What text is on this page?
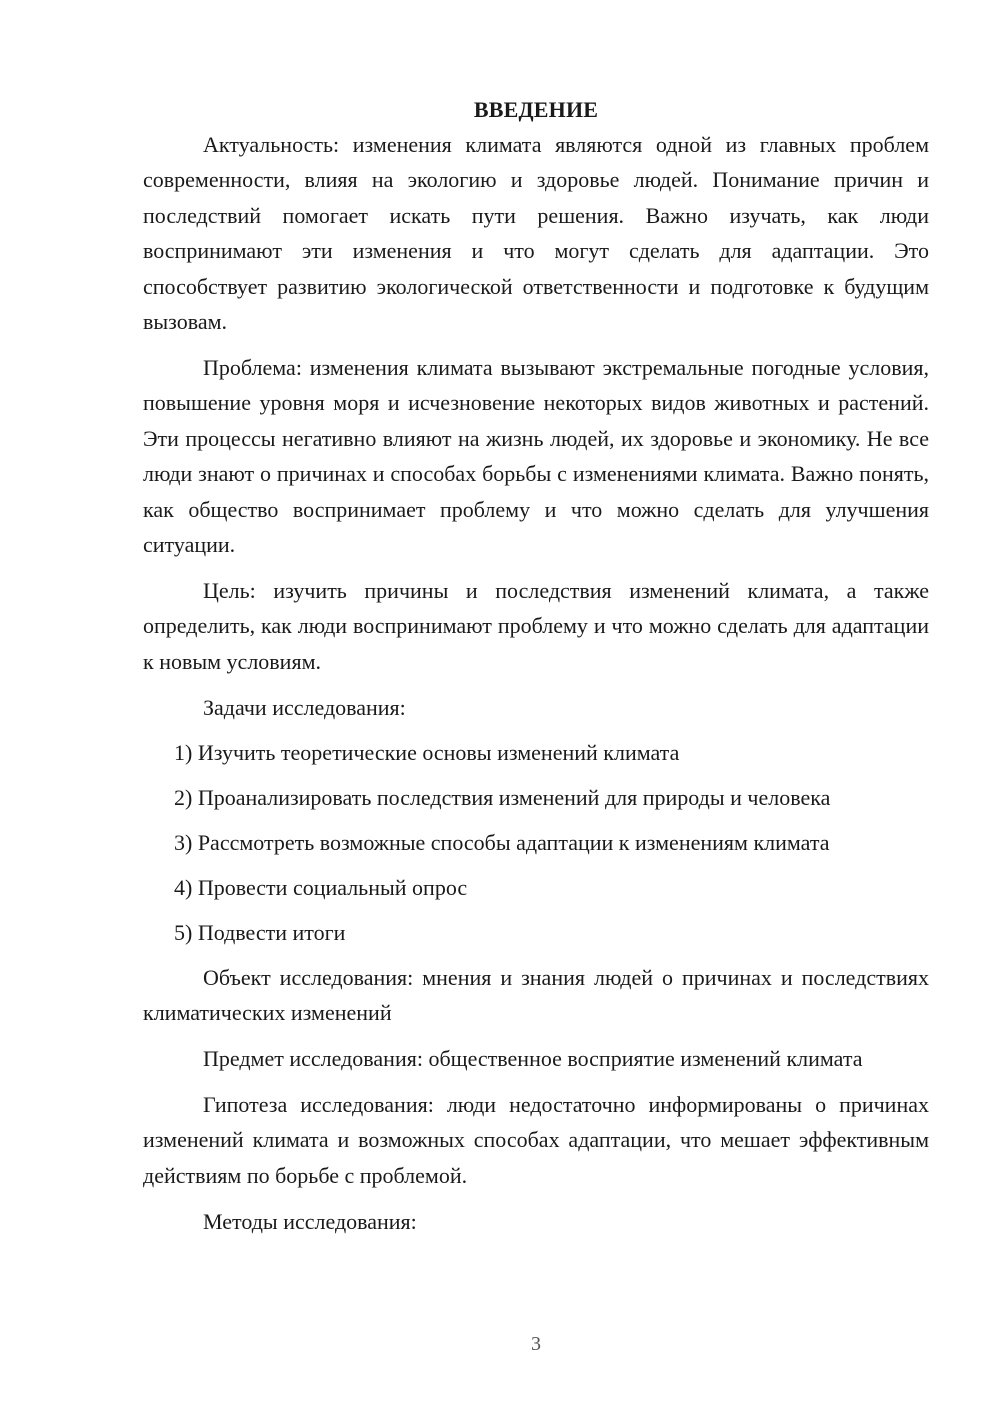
ВВЕДЕНИЕ

Актуальность: изменения климата являются одной из главных проблем современности, влияя на экологию и здоровье людей. Понимание причин и последствий помогает искать пути решения. Важно изучать, как люди воспринимают эти изменения и что могут сделать для адаптации. Это способствует развитию экологической ответственности и подготовке к будущим вызовам.

Проблема: изменения климата вызывают экстремальные погодные условия, повышение уровня моря и исчезновение некоторых видов животных и растений. Эти процессы негативно влияют на жизнь людей, их здоровье и экономику. Не все люди знают о причинах и способах борьбы с изменениями климата. Важно понять, как общество воспринимает проблему и что можно сделать для улучшения ситуации.

Цель: изучить причины и последствия изменений климата, а также определить, как люди воспринимают проблему и что можно сделать для адаптации к новым условиям.

Задачи исследования:
1) Изучить теоретические основы изменений климата
2) Проанализировать последствия изменений для природы и человека
3) Рассмотреть возможные способы адаптации к изменениям климата
4) Провести социальный опрос
5) Подвести итоги

Объект исследования: мнения и знания людей о причинах и последствиях климатических изменений

Предмет исследования: общественное восприятие изменений климата

Гипотеза исследования: люди недостаточно информированы о причинах изменений климата и возможных способах адаптации, что мешает эффективным действиям по борьбе с проблемой.

Методы исследования:

3
